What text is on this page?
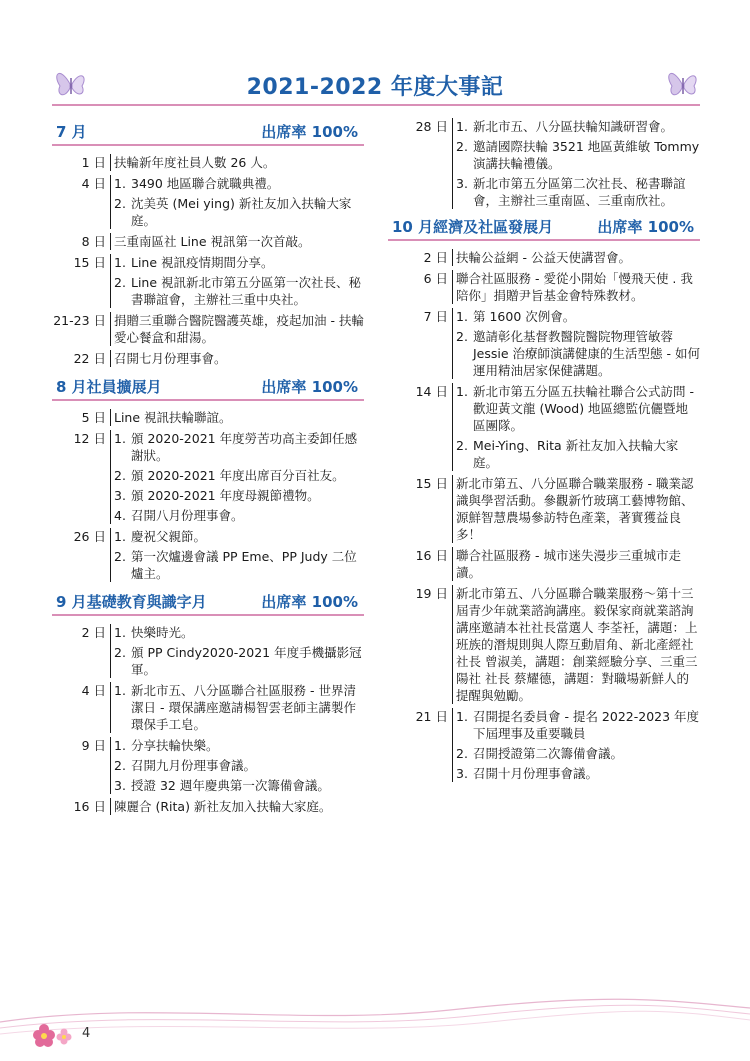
2021-2022 年度大事記
7 月	出席率 100%
1 日 扶輪新年度社員人數 26 人。
4 日 1. 3490 地區聯合就職典禮。
2. 沈美英 (Mei ying) 新社友加入扶輪大家庭。
8 日 三重南區社 Line 視訊第一次首敲。
15 日 1. Line 視訊疫情期間分享。
2. Line 視訊新北市第五分區第一次社長、秘書聯誼會，主辦社三重中央社。
21-23 日 捐贈三重聯合醫院醫護英雄，疫起加油 - 扶輪愛心餐盒和甜湯。
22 日 召開七月份理事會。
8 月社員擴展月	出席率 100%
5 日 Line 視訊扶輪聯誼。
12 日 1. 頒 2020-2021 年度勞苦功高主委卸任感謝狀。
2. 頒 2020-2021 年度出席百分百社友。
3. 頒 2020-2021 年度母親節禮物。
4. 召開八月份理事會。
26 日 1. 慶祝父親節。
2. 第一次爐邊會議 PP Eme、PP Judy 二位爐主。
9 月基礎教育與識字月	出席率 100%
2 日 1. 快樂時光。
2. 頒 PP Cindy2020-2021 年度手機攝影冠軍。
4 日 1. 新北市五、八分區聯合社區服務 - 世界清潔日 - 環保講座邀請楊智雲老師主講製作環保手工皂。
9 日 1. 分享扶輪快樂。
2. 召開九月份理事會議。
3. 授證 32 週年慶典第一次籌備會議。
16 日 陳麗合 (Rita) 新社友加入扶輪大家庭。
28 日 1. 新北市五、八分區扶輪知識研習會。
2. 邀請國際扶輪 3521 地區黃維敏 Tommy 演講扶輪禮儀。
3. 新北市第五分區第二次社長、秘書聯誼會，主辦社三重南區、三重南欣社。
10 月經濟及社區發展月	出席率 100%
2 日 扶輪公益網 - 公益天使講習會。
6 日 聯合社區服務 - 愛從小開始「慢飛天使 . 我陪你」捐贈尹旨基金會特殊教材。
7 日 1. 第 1600 次例會。
2. 邀請彰化基督教醫院醫院物理管敏蓉 Jessie 治療師演講健康的生活型態 - 如何運用精油居家保健講題。
14 日 1. 新北市第五分區五扶輪社聯合公式訪問 - 歡迎黃文龍 (Wood) 地區總監伉儷暨地區團隊。
2. Mei-Ying、Rita 新社友加入扶輪大家庭。
15 日 新北市第五、八分區聯合職業服務 - 職業認識與學習活動。參觀新竹玻璃工藝博物館、源鮮智慧農場參訪特色產業，著實獲益良多！
16 日 聯合社區服務 - 城市迷失漫步三重城市走讀。
19 日 新北市第五、八分區聯合職業服務～第十三屆青少年就業諮詢講座。毅保家商就業諮詢講座邀請本社社長當選人 李荃衽，講題：上班族的潛規則與人際互動眉角、新北產經社社長 曾淑美，講題：創業經驗分享、三重三陽社 社長 蔡耀德，講題：對職場新鮮人的提醒與勉勵。
21 日 1. 召開提名委員會 - 提名 2022-2023 年度下屆理事及重要職員
2. 召開授證第二次籌備會議。
3. 召開十月份理事會議。
4
